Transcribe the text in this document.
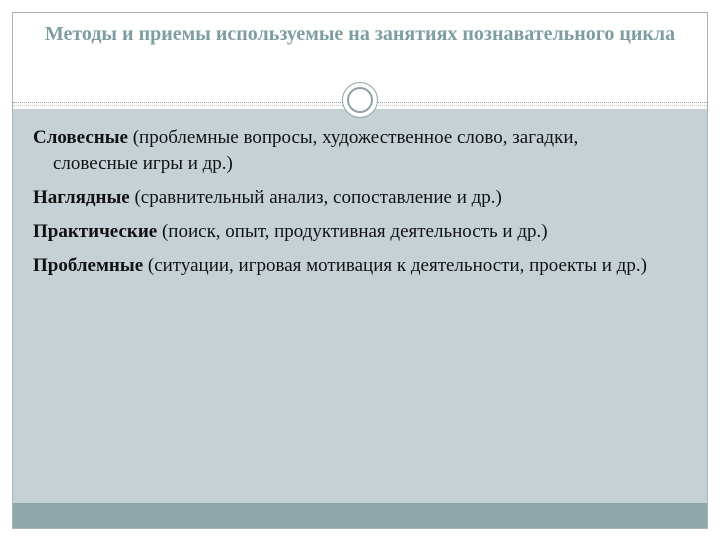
Методы и приемы используемые на занятиях познавательного цикла
Словесные (проблемные вопросы, художественное слово, загадки, словесные игры и др.)
Наглядные (сравнительный анализ, сопоставление и др.)
Практические (поиск, опыт, продуктивная деятельность и др.)
Проблемные (ситуации, игровая мотивация к деятельности, проекты и др.)
